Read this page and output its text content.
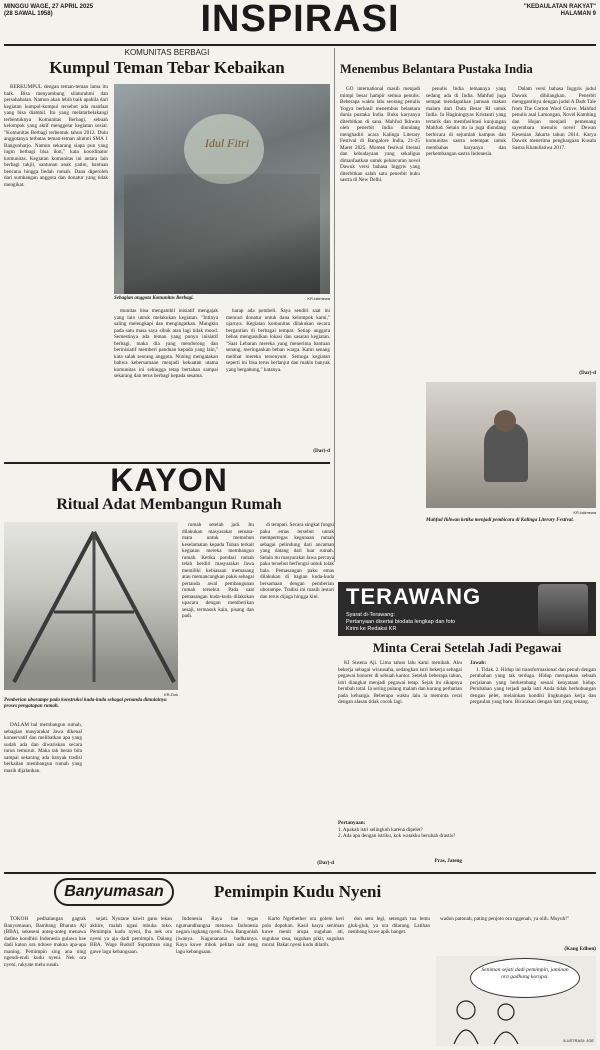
MINGGU WAGE, 27 APRIL 2025
(28 SAWAL 1958)	INSPIRASI	"KEDAULATAN RAKYAT"
HALAMAN 9
KOMUNITAS BERBAGI
Kumpul Teman Tebar Kebaikan

BERKUMPUL dengan teman-teman lama itu baik. Bisa menyambung silaturahmi dan persahabatan. Namun akan lebih baik apabila dari kegiatan kumpul-kumpul tersebut ada manfaat yang bisa diambil. Itu yang melatarbelakangi terbentuknya Komunitas Berbagi, sebuah kelompok yang aktif menggelar kegiatan sosial. "Komunitas Berbagi terbentuk tahun 2012. Dulu anggotanya terbatas teman-teman alumni SMA 1 Bangunharjo. Namun sekarang siapa pun yang ingin berbagi bisa ikut," kata koordinator komunitas. Kegiatan komunitas ini antara lain berbagi takjil, santunan anak yatim, bantuan bencana hingga bedah rumah. Dana diperoleh dari sumbangan anggota dan donatur yang tidak mengikat.

Idul Fitri
Sebagian anggota Komunitas Berbagi.	KR-Istimewa

munitas bisa mengambil inisiatif mengajak yang lain untuk melakukan kegiatan. "Intinya saling melengkapi dan mengingatkan. Mungkin pada satu masa saya sibuk atau lagi tidak mood. Semestinya ada teman yang punya inisiatif berbagi, maka dia yang mendorong dan berinisiatif memberi panduan kepada yang lain," kata salah seorang anggota. Nuning mengatakan bahwa kebersamaan menjadi kekuatan utama komunitas ini sehingga tetap bertahan sampai sekarang dan terus berbagi kepada sesama.

harap ada pembeli. Saya sendiri saat ini mencari donatur untuk dana kelompok kami," ujarnya. Kegiatan komunitas dilakukan secara bergantian di berbagai tempat. Setiap anggota bebas mengusulkan lokasi dan sasaran kegiatan. "Saat Lebaran mereka yang menerima bantuan senang, meringankan beban warga. Kami senang melihat mereka tersenyum. Semoga kegiatan seperti ini bisa terus berlanjut dan makin banyak yang bergabung," katanya.

(Dar)-d
Menembus Belantara Pustaka India

GO international masih menjadi mimpi besar hampir semua penulis. Beberapa waktu lalu seorang penulis Yogya berhasil menembus belantara dunia pustaka India. Buku karyanya diterbitkan di sana. Mahfud Ikhwan oleh penerbit India diundang menghadiri acara Kalinga Literary Festival di Bangalore India, 21-25 Maret 2025. Momen festival literasi dan kebudayaan yang sekaligus dimanfaatkan untuk peluncuran novel Dawuk versi bahasa Inggris yang diterbitkan salah satu penerbit buku sastra di New Delhi.

penulis India temannya yang sedang ada di India. Mahfud juga sempat mendapatkan jamuan makan malam dari Duta Besar RI untuk India. Ia Haginingtyas Kristanti yang tertarik dan memfasilitasi kunjungan Mahfud. Selain itu ia juga diundang berbicara di sejumlah kampus dan komunitas sastra setempat untuk membahas karyanya dan perkembangan sastra Indonesia.

Dalam versi bahasa Inggris judul Dawuk dihilangkan. Penerbit menggantinya dengan judul A Dark Tale from The Cotton Wool Grove. Mahfud penulis asal Lamongan, Novel Kambing dan Hujan menjadi pemenang sayembara menulis novel Dewan Kesenian Jakarta tahun 2014. Karya Dawuk menerima penghargaan Kusala Sastra Khatulistiwa 2017.

(Dar)-d
KR-Istimewa
Mahfud Ikhwan ketika menjadi pembicara di Kalinga Literary Festival.
KAYON
Ritual Adat Membangun Rumah
KR-Dok
Pemberian uborampe pada konstruksi kuda-kuda sebagai penanda dimulainya proses pengatapan rumah.

DALAM hal membangun rumah, sebagian masyarakat Jawa dikenal konservatif dan melibatkan apa yang sudah ada dan diwariskan secara turun temurun. Maka tak heran bila sampai sekarang ada banyak tradisi berkaitan membangun rumah yang masih dijalankan.

rumah setelah jadi. Itu dilakukan masyarakat semata-mata untuk memohon keselamatan kepada Tuhan terkait kegiatan mereka membangun rumah. Ketika pondasi rumah telah berdiri masyarakat Jawa memiliki kebiasaan memasang atau memancangkan pakis sebagai pertanda awal pembangunan rumah tersebut. Pada saat pemasangan kuda-kuda dilakukan upacara dengan memberikan sesaji, termasuk kain, pisang dan padi.

di tempati. Secara singkat fungsi paku emas tersebut untuk mempertegas kegunaan rumah sebagai pelindung dari ancaman yang datang dari luar rumah. Selain itu masyarakat Jawa percaya paku tersebut berfungsi untuk tolak bala. Pemasangan paku emas dilakukan di bagian kuda-kuda bersamaan dengan pemberian uborampe. Tradisi ini masih lestari dan terus dijaga hingga kini.

(Dar)-d
TERAWANG
Syarat di-Terawang:
Pertanyaan disertai biodata lengkap dan foto
Kirim ke Redaksi KR
Minta Cerai Setelah Jadi Pegawai

KI Susena Aji. Lima tahun lalu kami menikah. Aku bekerja sebagai wirausaha, sedangkan istri bekerja sebagai pegawai honorer di sebuah kantor. Setelah beberapa tahun, istri diangkat menjadi pegawai tetap. Sejak itu sikapnya berubah total. Ia sering pulang malam dan kurang perhatian pada keluarga. Beberapa waktu lalu ia meminta cerai dengan alasan tidak cocok lagi.

Pertanyaan:
1. Apakah istri selingkuh karena dipelet?
2. Ada apa dengan istriku, kok watakku berubah drastis?
Pras, Jateng
Jawab:

1. Tidak. 2. Hidup ini transformasional dan penuh dengan perubahan yang tak terduga. Hidup merupakan sebuah perjalanan yang berkembang sesuai kenyataan hidup. Perubahan yang terjadi pada istri Anda tidak berhubungan dengan pelet, melainkan kondisi lingkungan kerja dan pergaulan yang baru. Bicarakan dengan hati yang tenang.

Banyumasan	Pemimpin Kudu Nyeni

TOKOH pedhalangan gagrak Banyumasan, Bambang Bharata Aji (BBA), sekeseni anteg-anteg menawa dadine kondhisi Indonesia gulawa bae dadi katon ora nduwe makna apa-apa maning. Pemimpin sing ana ning ngendi-endi kudu nyeni. Nek ora nyeni, rakyate melu susah.

sejati. Nyutane kawit ganu lekan akhire, malah ngasi mbuka toko. Pemimpin kudu nyeni, lha nek ora nyeni ya aja dadi pemimpin. Dalang BBA. Wage Rudolf Supratman sing gawe lagu kebangsaan.

Indonesia Raya bae tegas ngumandhangna menawa Indonesia negara ingkang nyeni. Jiwa. Bangunlah jiwanya. Kagunanana badhannya. Kaya kuwe mbok pelitan sair neng lagu kebangsaan.

Karto Ngethether ora golem keri polo dopokan. Kasil karya seniman kuwe menit arupa suguhan ati, suguhan rasa, suguhan pikir, suguhan moral. Bakat nyeni kudu dilatih.

don setu legi, setengah tua lemu gluk-gluk, ya ora dilarang. Latihan nembang kuwe apik banget.

wadon patonah, pating penjoto ora nggenah, ya olih. Muyuh!"

(Kang Edhon)
Seniman sejati dadi pemimpin, jaminan ora gadhang korupsi.
ILUSTRASI: JOE
